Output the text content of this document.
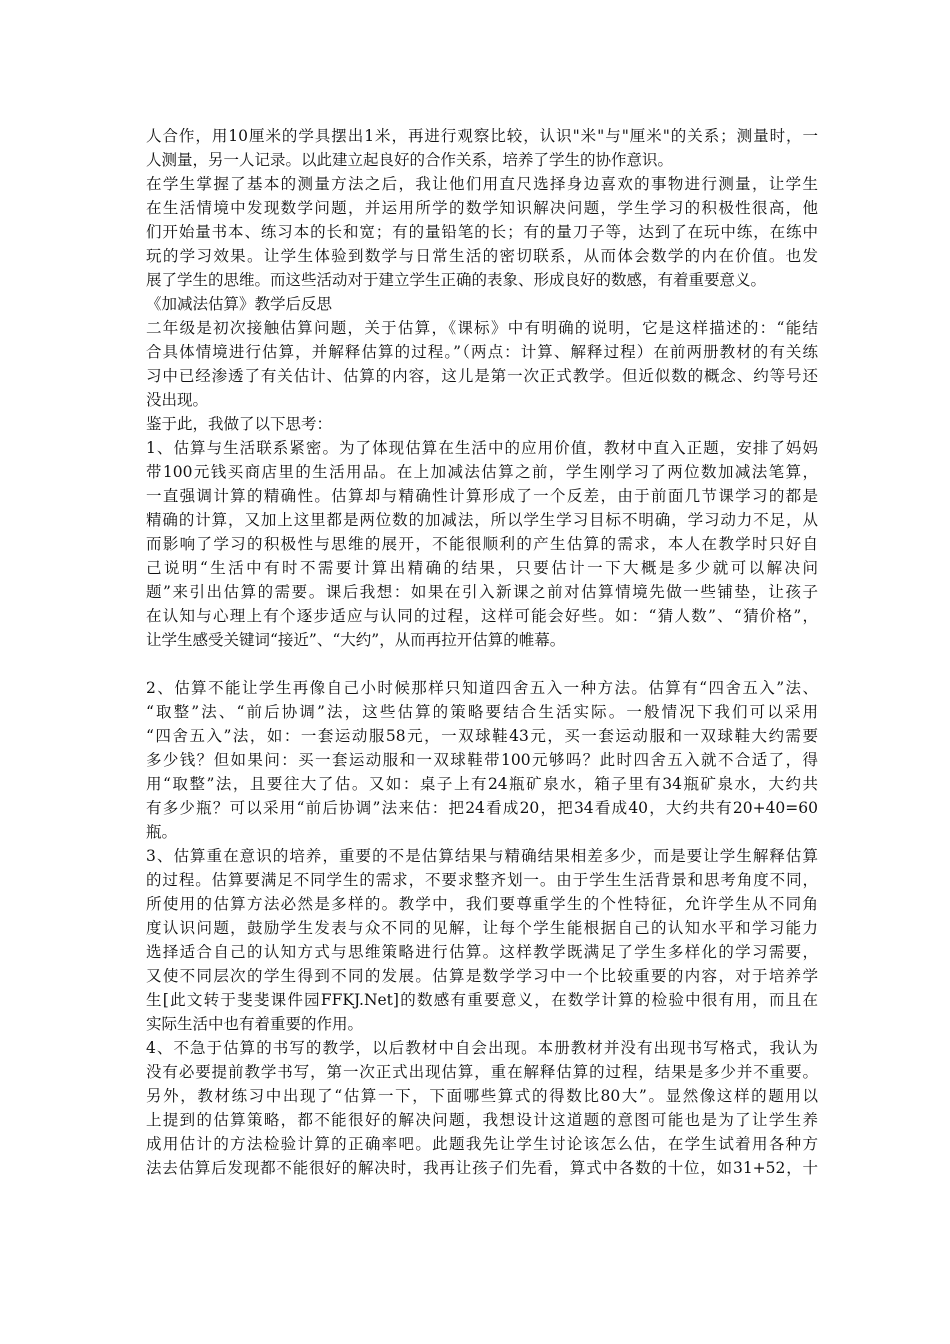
人合作，用10厘米的学具摆出1米，再进行观察比较，认识"米"与"厘米"的关系；测量时，一
人测量，另一人记录。以此建立起良好的合作关系，培养了学生的协作意识。
在学生掌握了基本的测量方法之后，我让他们用直尺选择身边喜欢的事物进行测量，让学生
在生活情境中发现数学问题，并运用所学的数学知识解决问题，学生学习的积极性很高，他
们开始量书本、练习本的长和宽；有的量铅笔的长；有的量刀子等，达到了在玩中练，在练中
玩的学习效果。让学生体验到数学与日常生活的密切联系，从而体会数学的内在价值。也发
展了学生的思维。而这些活动对于建立学生正确的表象、形成良好的数感，有着重要意义。
《加减法估算》教学后反思
二年级是初次接触估算问题，关于估算，《课标》中有明确的说明，它是这样描述的：“能结
合具体情境进行估算，并解释估算的过程。”（两点：计算、解释过程）在前两册教材的有关练
习中已经渗透了有关估计、估算的内容，这儿是第一次正式教学。但近似数的概念、约等号还
没出现。
鉴于此，我做了以下思考：
1、估算与生活联系紧密。为了体现估算在生活中的应用价值，教材中直入正题，安排了妈妈
带100元钱买商店里的生活用品。在上加减法估算之前，学生刚学习了两位数加减法笔算，
一直强调计算的精确性。估算却与精确性计算形成了一个反差，由于前面几节课学习的都是
精确的计算，又加上这里都是两位数的加减法，所以学生学习目标不明确，学习动力不足，从
而影响了学习的积极性与思维的展开，不能很顺利的产生估算的需求，本人在教学时只好自
己说明“生活中有时不需要计算出精确的结果，只要估计一下大概是多少就可以解决问
题”来引出估算的需要。课后我想：如果在引入新课之前对估算情境先做一些铺垫，让孩子
在认知与心理上有个逐步适应与认同的过程，这样可能会好些。如：“猜人数”、“猜价格”，
让学生感受关键词“接近”、“大约”，从而再拉开估算的帷幕。
2、估算不能让学生再像自己小时候那样只知道四舍五入一种方法。估算有“四舍五入”法、
“取整”法、“前后协调”法，这些估算的策略要结合生活实际。一般情况下我们可以采用
“四舍五入”法，如：一套运动服58元，一双球鞋43元，买一套运动服和一双球鞋大约需要
多少钱？但如果问：买一套运动服和一双球鞋带100元够吗？此时四舍五入就不合适了，得
用“取整”法，且要往大了估。又如：桌子上有24瓶矿泉水，箱子里有34瓶矿泉水，大约共
有多少瓶？可以采用“前后协调”法来估：把24看成20，把34看成40，大约共有20+40=60
瓶。
3、估算重在意识的培养，重要的不是估算结果与精确结果相差多少，而是要让学生解释估算
的过程。估算要满足不同学生的需求，不要求整齐划一。由于学生生活背景和思考角度不同，
所使用的估算方法必然是多样的。教学中，我们要尊重学生的个性特征，允许学生从不同角
度认识问题，鼓励学生发表与众不同的见解，让每个学生能根据自己的认知水平和学习能力
选择适合自己的认知方式与思维策略进行估算。这样教学既满足了学生多样化的学习需要，
又使不同层次的学生得到不同的发展。估算是数学学习中一个比较重要的内容，对于培养学
生[此文转于斐斐课件园FFKJ.Net]的数感有重要意义，在数学计算的检验中很有用，而且在
实际生活中也有着重要的作用。
4、不急于估算的书写的教学，以后教材中自会出现。本册教材并没有出现书写格式，我认为
没有必要提前教学书写，第一次正式出现估算，重在解释估算的过程，结果是多少并不重要。
另外，教材练习中出现了“估算一下，下面哪些算式的得数比80大”。显然像这样的题用以
上提到的估算策略，都不能很好的解决问题，我想设计这道题的意图可能也是为了让学生养
成用估计的方法检验计算的正确率吧。此题我先让学生讨论该怎么估，在学生试着用各种方
法去估算后发现都不能很好的解决时，我再让孩子们先看，算式中各数的十位，如31+52，十
